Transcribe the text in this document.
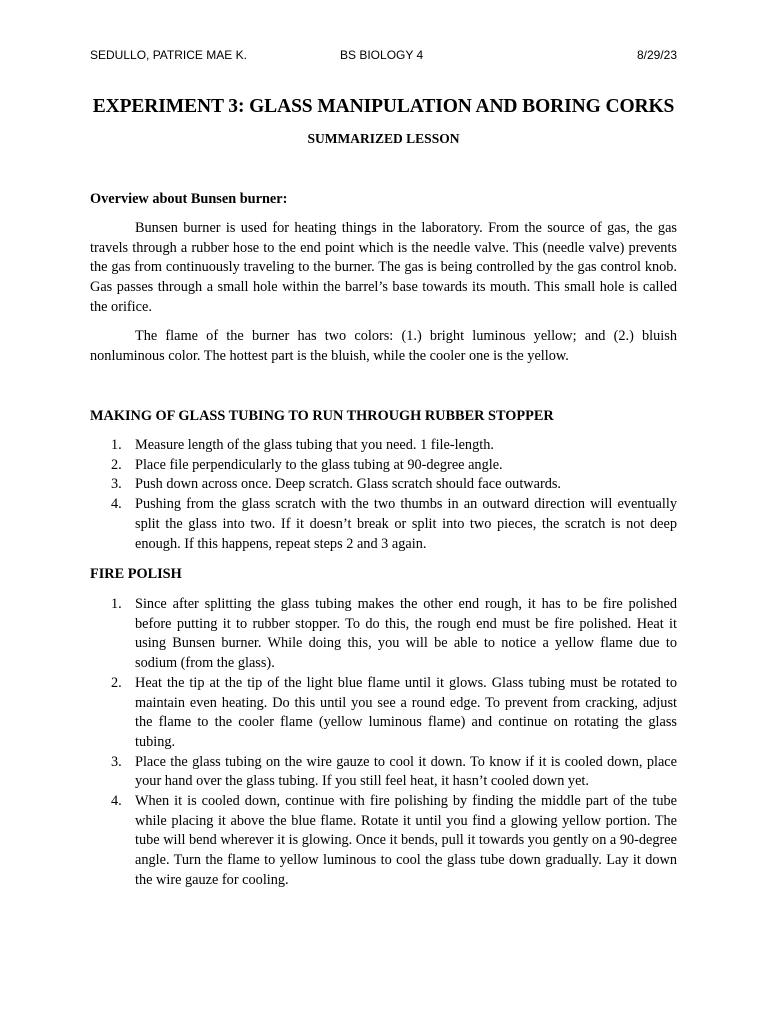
SEDULLO, PATRICE MAE K.	BS BIOLOGY 4	8/29/23
EXPERIMENT 3: GLASS MANIPULATION AND BORING CORKS
SUMMARIZED LESSON
Overview about Bunsen burner:

Bunsen burner is used for heating things in the laboratory. From the source of gas, the gas travels through a rubber hose to the end point which is the needle valve. This (needle valve) prevents the gas from continuously traveling to the burner. The gas is being controlled by the gas control knob. Gas passes through a small hole within the barrel’s base towards its mouth. This small hole is called the orifice.

The flame of the burner has two colors: (1.) bright luminous yellow; and (2.) bluish nonluminous color. The hottest part is the bluish, while the cooler one is the yellow.

MAKING OF GLASS TUBING TO RUN THROUGH RUBBER STOPPER
1. Measure length of the glass tubing that you need. 1 file-length.
2. Place file perpendicularly to the glass tubing at 90-degree angle.
3. Push down across once. Deep scratch. Glass scratch should face outwards.
4. Pushing from the glass scratch with the two thumbs in an outward direction will eventually split the glass into two. If it doesn’t break or split into two pieces, the scratch is not deep enough. If this happens, repeat steps 2 and 3 again.
FIRE POLISH
1. Since after splitting the glass tubing makes the other end rough, it has to be fire polished before putting it to rubber stopper. To do this, the rough end must be fire polished. Heat it using Bunsen burner. While doing this, you will be able to notice a yellow flame due to sodium (from the glass).
2. Heat the tip at the tip of the light blue flame until it glows. Glass tubing must be rotated to maintain even heating. Do this until you see a round edge. To prevent from cracking, adjust the flame to the cooler flame (yellow luminous flame) and continue on rotating the glass tubing.
3. Place the glass tubing on the wire gauze to cool it down. To know if it is cooled down, place your hand over the glass tubing. If you still feel heat, it hasn’t cooled down yet.
4. When it is cooled down, continue with fire polishing by finding the middle part of the tube while placing it above the blue flame. Rotate it until you find a glowing yellow portion. The tube will bend wherever it is glowing. Once it bends, pull it towards you gently on a 90-degree angle. Turn the flame to yellow luminous to cool the glass tube down gradually. Lay it down the wire gauze for cooling.
